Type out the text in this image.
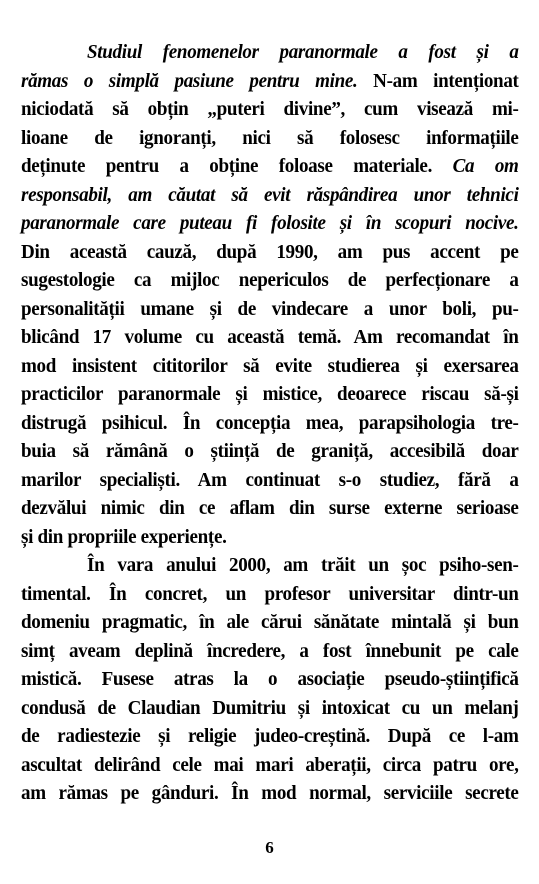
Studiul fenomenelor paranormale a fost și a
rămas o simplă pasiune pentru mine. N-am intenționat
niciodată să obțin „puteri divine”, cum visează mi-
lioane de ignoranți, nici să folosesc informațiile
deținute pentru a obține foloase materiale. Ca om
responsabil, am căutat să evit răspândirea unor tehnici
paranormale care puteau fi folosite și în scopuri nocive.
Din această cauză, după 1990, am pus accent pe
sugestologie ca mijloc nepericulos de perfecționare a
personalității umane și de vindecare a unor boli, pu-
blicând 17 volume cu această temă. Am recomandat în
mod insistent cititorilor să evite studierea și exersarea
practicilor paranormale și mistice, deoarece riscau să-și
distrugă psihicul. În concepția mea, parapsihologia tre-
buia să rămână o știință de graniță, accesibilă doar
marilor specialiști. Am continuat s-o studiez, fără a
dezvălui nimic din ce aflam din surse externe serioase
și din propriile experiențe.
În vara anului 2000, am trăit un șoc psiho-sen-
timental. În concret, un profesor universitar dintr-un
domeniu pragmatic, în ale cărui sănătate mintală și bun
simț aveam deplină încredere, a fost înnebunit pe cale
mistică. Fusese atras la o asociație pseudo-științifică
condusă de Claudian Dumitriu și intoxicat cu un melanj
de radiestezie și religie judeo-creștină. După ce l-am
ascultat delirând cele mai mari aberații, circa patru ore,
am rămas pe gânduri. În mod normal, serviciile secrete
6
